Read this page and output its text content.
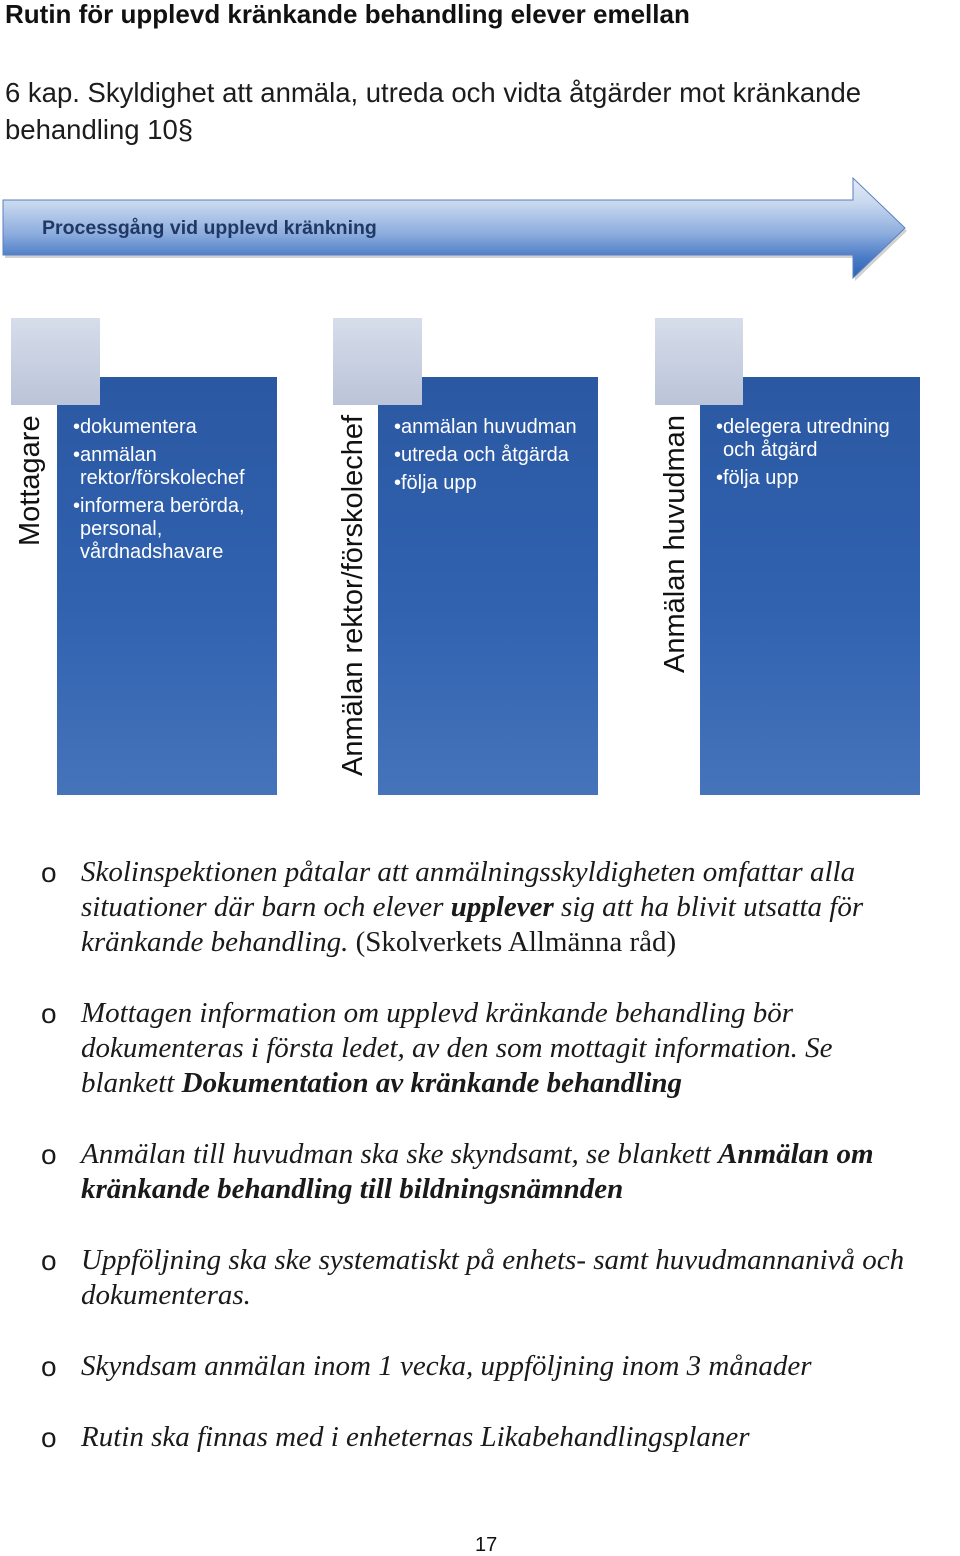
Rutin för upplevd kränkande behandling elever emellan
6 kap. Skyldighet att anmäla, utreda och vidta åtgärder mot kränkande
behandling 10§
Processgång vid upplevd kränkning
•dokumentera
•anmälan
rektor/förskolechef
•informera berörda,
personal,
vårdnadshavare
Mottagare	•anmälan huvudman
•utreda och åtgärda
•följa upp
Anmälan rektor/förskolechef	•delegera utredning
och åtgärd
•följa upp
Anmälan huvudman
o Skolinspektionen påtalar att anmälningsskyldigheten omfattar alla
situationer där barn och elever upplever sig att ha blivit utsatta för
kränkande behandling. (Skolverkets Allmänna råd)
o Mottagen information om upplevd kränkande behandling bör
dokumenteras i första ledet, av den som mottagit information. Se
blankett Dokumentation av kränkande behandling
o Anmälan till huvudman ska ske skyndsamt, se blankett Anmälan om
kränkande behandling till bildningsnämnden
o Uppföljning ska ske systematiskt på enhets- samt huvudmannanivå och
dokumenteras.
o Skyndsam anmälan inom 1 vecka, uppföljning inom 3 månader
o Rutin ska finnas med i enheternas Likabehandlingsplaner
17
